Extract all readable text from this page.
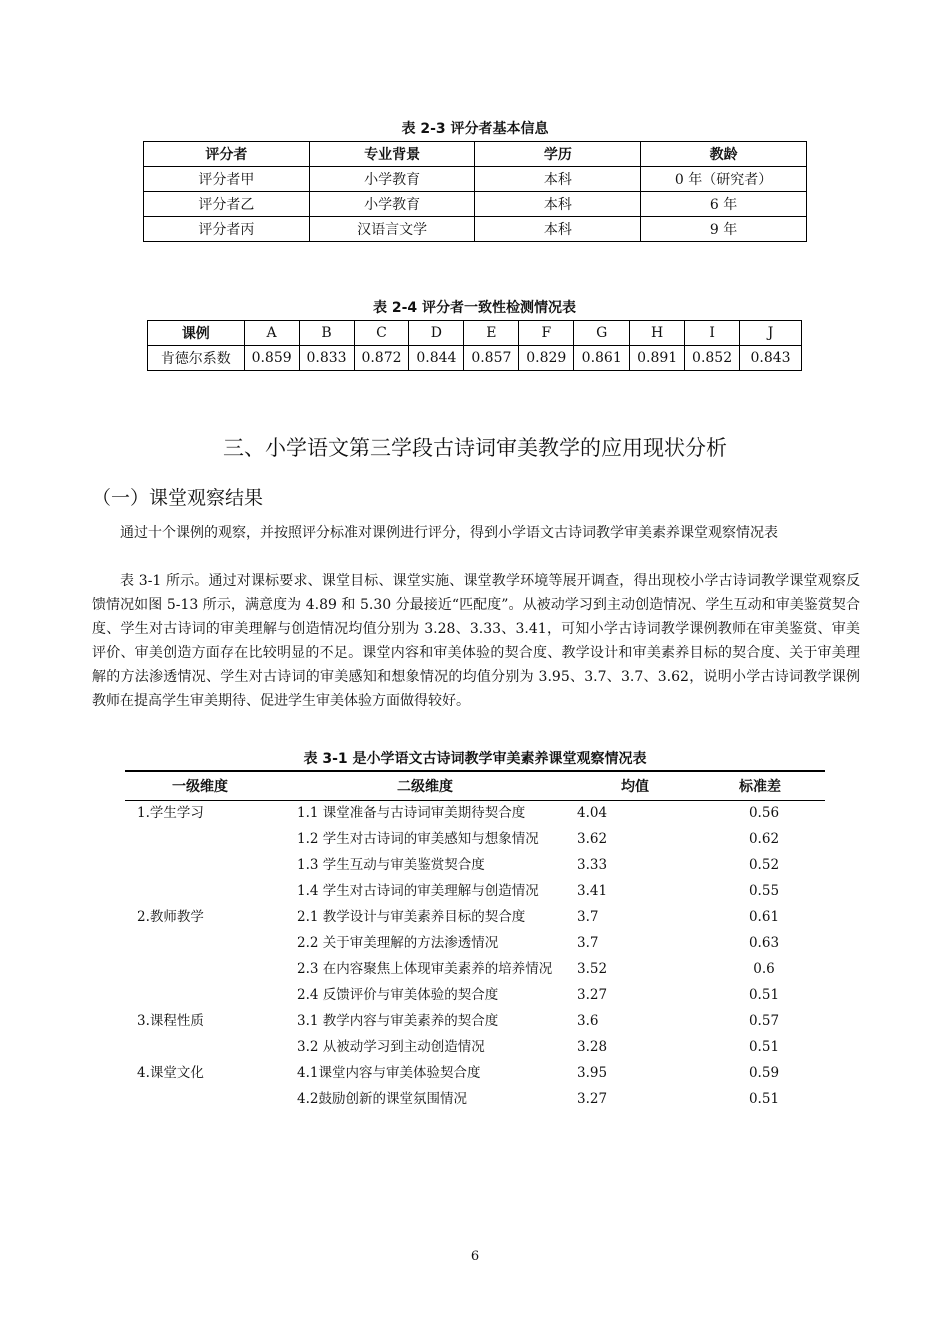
表 2-3 评分者基本信息
评分者	专业背景	学历	教龄
评分者甲	小学教育	本科	0 年（研究者）
评分者乙	小学教育	本科	6 年
评分者丙	汉语言文学	本科	9 年
表 2-4 评分者一致性检测情况表
课例	A	B	C	D	E	F	G	H	I	J
肯德尔系数	0.859	0.833	0.872	0.844	0.857	0.829	0.861	0.891	0.852	0.843
三、小学语文第三学段古诗词审美教学的应用现状分析
（一）课堂观察结果
通过十个课例的观察，并按照评分标准对课例进行评分，得到小学语文古诗词教学审美素养课堂观察情况表
表 3-1 所示。通过对课标要求、课堂目标、课堂实施、课堂教学环境等展开调查，得出现校小学古诗词教学课堂观察反馈情况如图 5-13 所示，满意度为 4.89 和 5.30 分最接近“匹配度”。从被动学习到主动创造情况、学生互动和审美鉴赏契合度、学生对古诗词的审美理解与创造情况均值分别为 3.28、3.33、3.41，可知小学古诗词教学课例教师在审美鉴赏、审美评价、审美创造方面存在比较明显的不足。课堂内容和审美体验的契合度、教学设计和审美素养目标的契合度、关于审美理解的方法渗透情况、学生对古诗词的审美感知和想象情况的均值分别为 3.95、3.7、3.7、3.62，说明小学古诗词教学课例教师在提高学生审美期待、促进学生审美体验方面做得较好。
表 3-1 是小学语文古诗词教学审美素养课堂观察情况表
一级维度	二级维度	均值	标准差
1.学生学习	1.1 课堂准备与古诗词审美期待契合度	4.04	0.56
	1.2 学生对古诗词的审美感知与想象情况	3.62	0.62
	1.3 学生互动与审美鉴赏契合度	3.33	0.52
	1.4 学生对古诗词的审美理解与创造情况	3.41	0.55
2.教师教学	2.1 教学设计与审美素养目标的契合度	3.7	0.61
	2.2 关于审美理解的方法渗透情况	3.7	0.63
	2.3 在内容聚焦上体现审美素养的培养情况	3.52	0.6
	2.4 反馈评价与审美体验的契合度	3.27	0.51
3.课程性质	3.1 教学内容与审美素养的契合度	3.6	0.57
	3.2 从被动学习到主动创造情况	3.28	0.51
4.课堂文化	4.1课堂内容与审美体验契合度	3.95	0.59
	4.2鼓励创新的课堂氛围情况	3.27	0.51
6
